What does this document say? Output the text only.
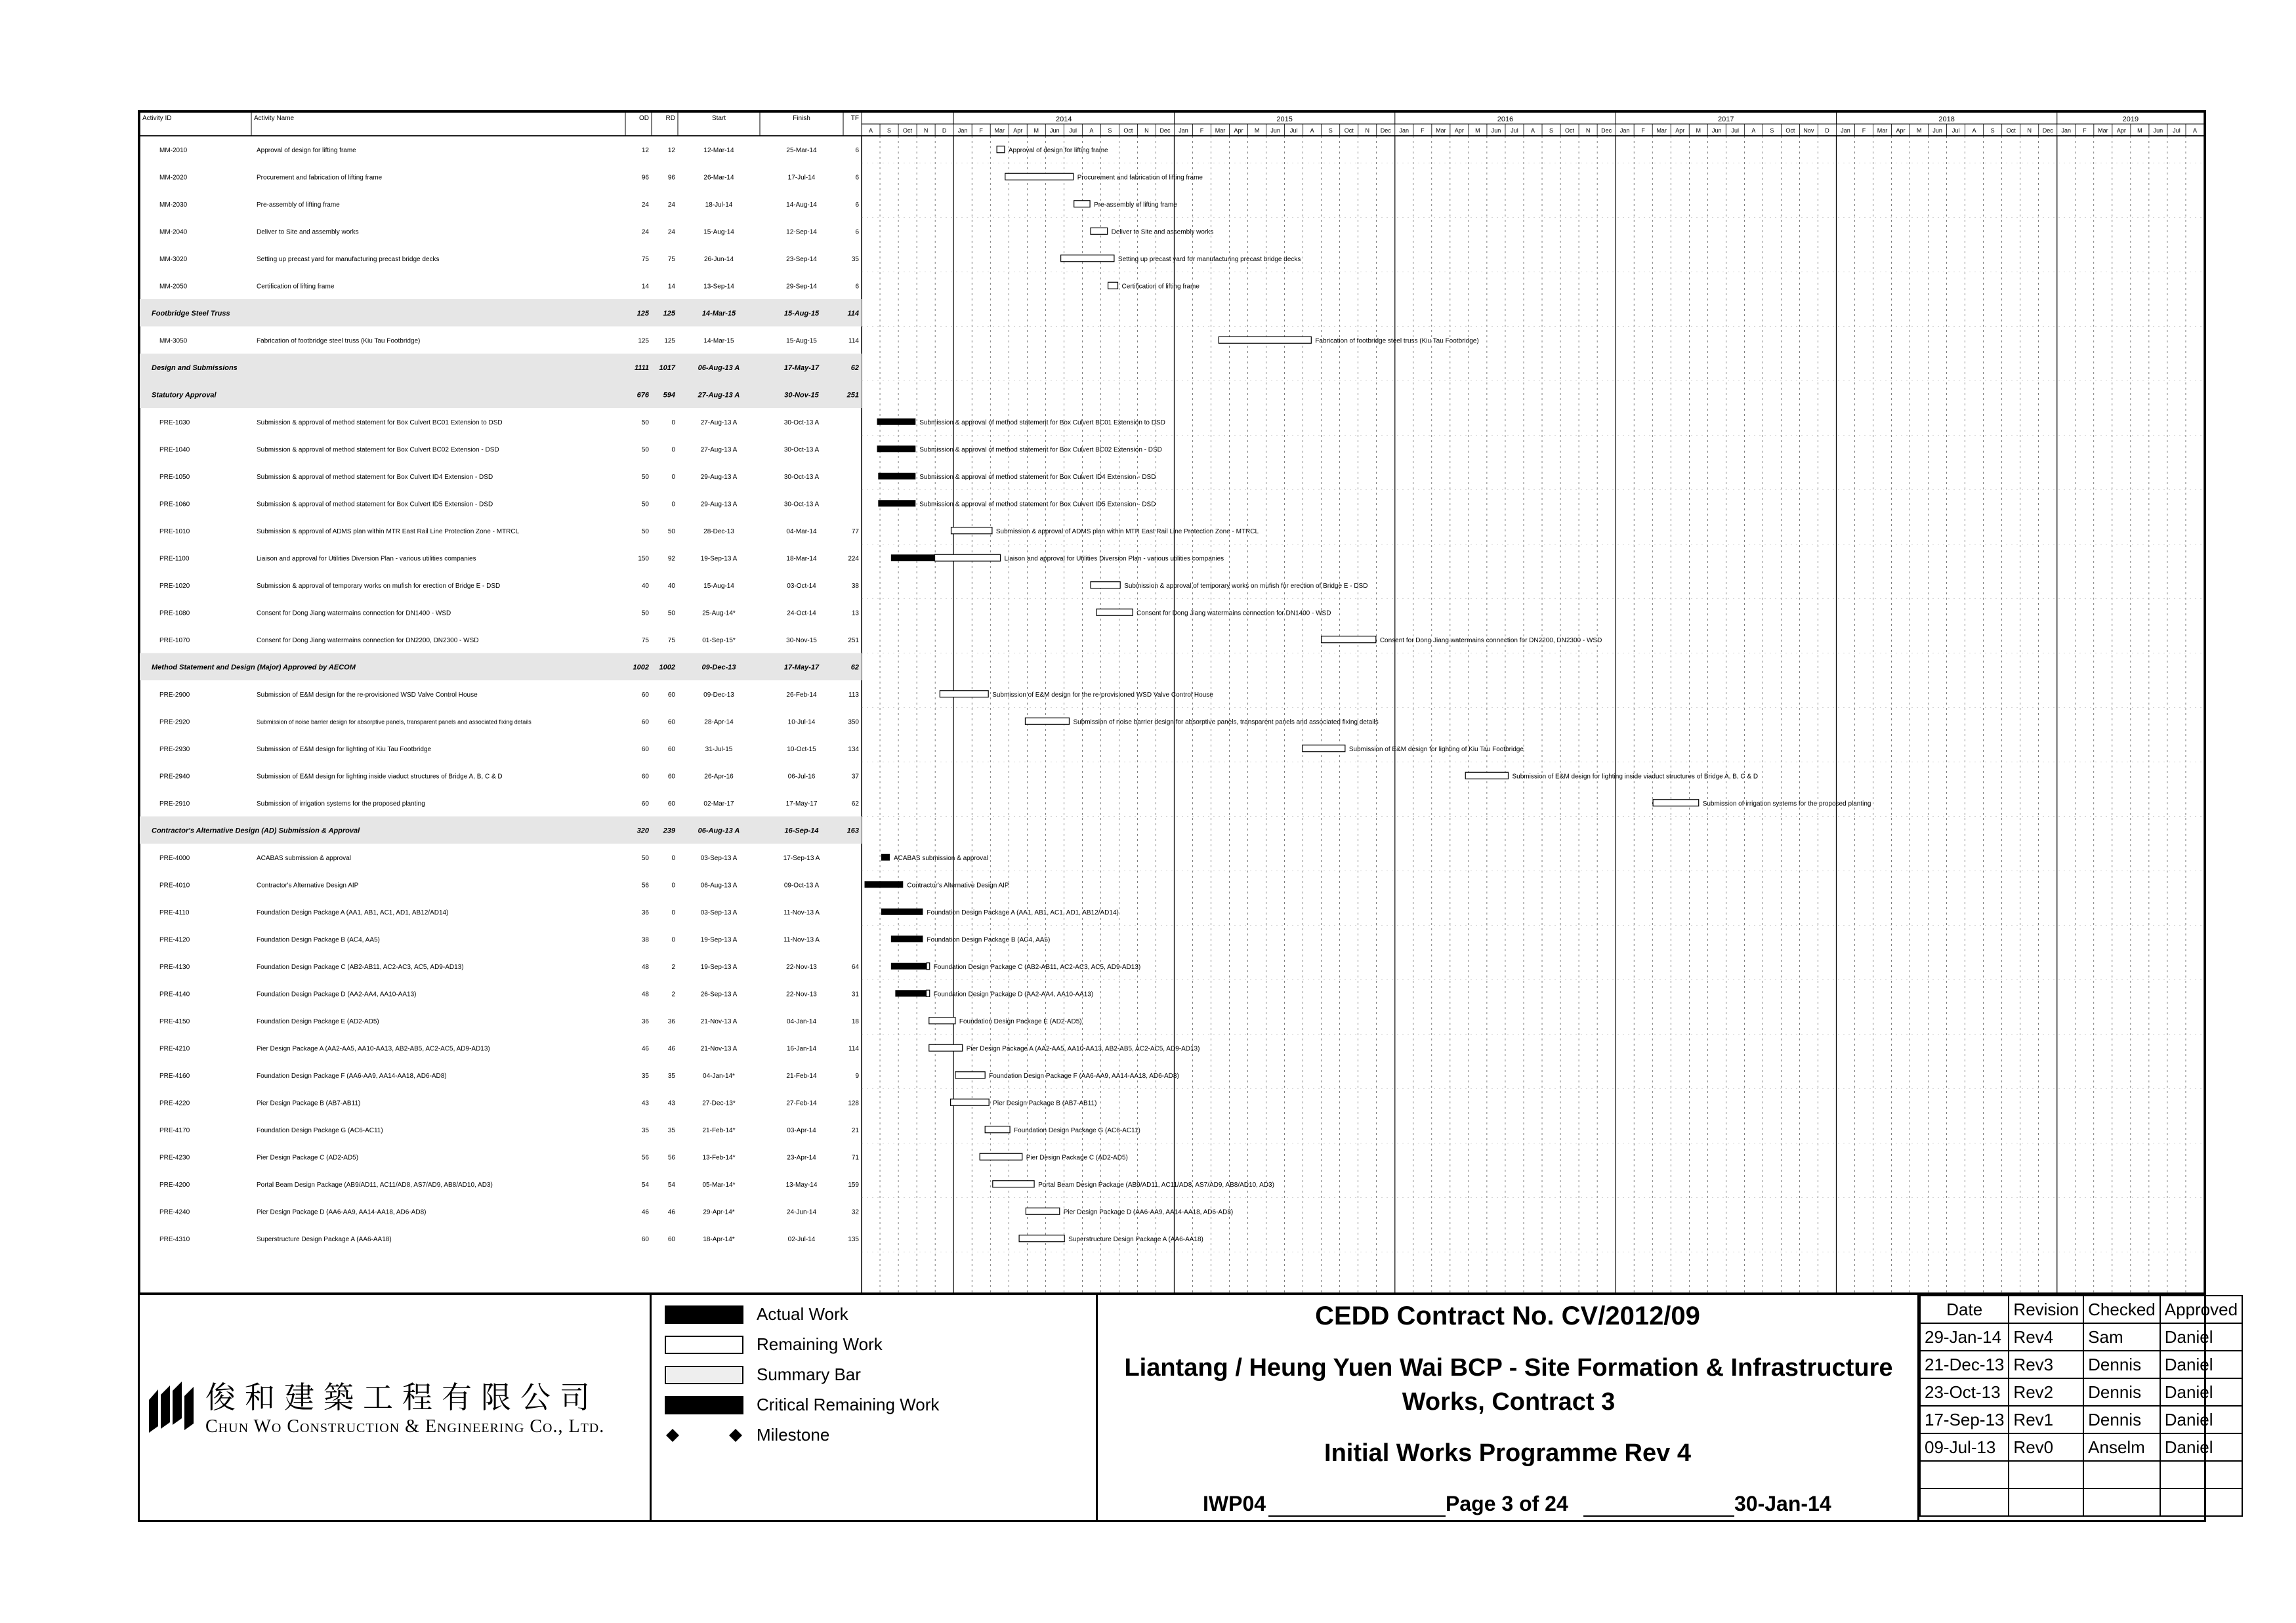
Activity ID	Activity Name	OD	RD	Start	Finish	TF	2014	2015	2016	2017	2018	2019
A S Oct N D Jan F Mar Apr M Jun Jul A S Oct N Dec Jan F Mar Apr M Jun Jul A S Oct N Dec Jan F Mar Apr M Jun Jul A S Oct N Dec Jan F Mar Apr M Jun Jul A S Oct Nov D Jan F Mar Apr M Jun Jul A S Oct N Dec Jan F Mar Apr M Jun Jul A
MM-2010	Approval of design for lifting frame	12	12	12-Mar-14	25-Mar-14	6	Approval of design for lifting frame
MM-2020	Procurement and fabrication of lifting frame	96	96	26-Mar-14	17-Jul-14	6	Procurement and fabrication of lifting frame
MM-2030	Pre-assembly of lifting frame	24	24	18-Jul-14	14-Aug-14	6	Pre-assembly of lifting frame
MM-2040	Deliver to Site and assembly works	24	24	15-Aug-14	12-Sep-14	6	Deliver to Site and assembly works
MM-3020	Setting up precast yard for manufacturing precast bridge decks	75	75	26-Jun-14	23-Sep-14	35	Setting up precast yard for manufacturing precast bridge decks
MM-2050	Certification of lifting frame	14	14	13-Sep-14	29-Sep-14	6	Certification of lifting frame
Footbridge Steel Truss	125 125	14-Mar-15	15-Aug-15	114
MM-3050	Fabrication of footbridge steel truss (Kiu Tau Footbridge)	125 125	14-Mar-15	15-Aug-15	114	Fabrication of footbridge steel truss (Kiu Tau Footbridge)
Design and Submissions	1111 1017	06-Aug-13 A	17-May-17	62
Statutory Approval	676 594	27-Aug-13 A	30-Nov-15	251
PRE-1030	Submission & approval of method statement for Box Culvert BC01 Extension to DSD	50	0	27-Aug-13 A	30-Oct-13 A	Submission & approval of method statement for Box Culvert BC01 Extension to DSD
PRE-1040	Submission & approval of method statement for Box Culvert BC02 Extension - DSD	50	0	27-Aug-13 A	30-Oct-13 A	Submission & approval of method statement for Box Culvert BC02 Extension - DSD
PRE-1050	Submission & approval of method statement for Box Culvert ID4 Extension - DSD	50	0	29-Aug-13 A	30-Oct-13 A	Submission & approval of method statement for Box Culvert ID4 Extension - DSD
PRE-1060	Submission & approval of method statement for Box Culvert ID5 Extension - DSD	50	0	29-Aug-13 A	30-Oct-13 A	Submission & approval of method statement for Box Culvert ID5 Extension - DSD
PRE-1010	Submission & approval of ADMS plan within MTR East Rail Line Protection Zone - MTRCL	50	50	28-Dec-13	04-Mar-14	77	Submission & approval of ADMS plan within MTR East Rail Line Protection Zone - MTRCL
PRE-1100	Liaison and approval for Utilities Diversion Plan - various utilities companies	150	92	19-Sep-13 A	18-Mar-14	224	Liaison and approval for Utilities Diversion Plan - various utilities companies
PRE-1020	Submission & approval of temporary works on mufish for erection of Bridge E - DSD	40	40	15-Aug-14	03-Oct-14	38	Submission & approval of temporary works on mufish for erection of Bridge E - DSD
PRE-1080	Consent for Dong Jiang watermains connection for DN1400 - WSD	50	50	25-Aug-14*	24-Oct-14	13	Consent for Dong Jiang watermains connection for DN1400 - WSD
PRE-1070	Consent for Dong Jiang watermains connection for DN2200, DN2300 - WSD	75	75	01-Sep-15*	30-Nov-15	251	Consent for Dong Jiang watermains connection for DN2200, DN2300 - WSD
Method Statement and Design (Major) Approved by AECOM	1002 1002	09-Dec-13	17-May-17	62
PRE-2900	Submission of E&M design for the re-provisioned WSD Valve Control House	60	60	09-Dec-13	26-Feb-14	113	Submission of E&M design for the re-provisioned WSD Valve Control House
PRE-2920	Submission of noise barrier design for absorptive panels, transparent panels and associated fixing details	60	60	28-Apr-14	10-Jul-14	350	Submission of noise barrier design for absorptive panels, transparent panels and associated fixing details
PRE-2930	Submission of E&M design for lighting of Kiu Tau Footbridge	60	60	31-Jul-15	10-Oct-15	134	Submission of E&M design for lighting of Kiu Tau Footbridge
PRE-2940	Submission of E&M design for lighting inside viaduct structures of Bridge A, B, C & D	60	60	26-Apr-16	06-Jul-16	37	Submission of E&M design for lighting inside viaduct structures of Bridge A, B, C & D
PRE-2910	Submission of irrigation systems for the proposed planting	60	60	02-Mar-17	17-May-17	62	Submission of irrigation systems for the proposed planting
Contractor's Alternative Design (AD) Submission & Approval	320 239	06-Aug-13 A	16-Sep-14	163
PRE-4000	ACABAS submission & approval	50	0	03-Sep-13 A	17-Sep-13 A	ACABAS submission & approval
PRE-4010	Contractor's Alternative Design AIP	56	0	06-Aug-13 A	09-Oct-13 A	Contractor's Alternative Design AIP
PRE-4110	Foundation Design Package A (AA1, AB1, AC1, AD1, AB12/AD14)	36	0	03-Sep-13 A	11-Nov-13 A	Foundation Design Package A (AA1, AB1, AC1, AD1, AB12/AD14)
PRE-4120	Foundation Design Package B (AC4, AA5)	38	0	19-Sep-13 A	11-Nov-13 A	Foundation Design Package B (AC4, AA5)
PRE-4130	Foundation Design Package C (AB2-AB11, AC2-AC3, AC5, AD9-AD13)	48	2	19-Sep-13 A	22-Nov-13	64	Foundation Design Package C (AB2-AB11, AC2-AC3, AC5, AD9-AD13)
PRE-4140	Foundation Design Package D (AA2-AA4, AA10-AA13)	48	2	26-Sep-13 A	22-Nov-13	31	Foundation Design Package D (AA2-AA4, AA10-AA13)
PRE-4150	Foundation Design Package E (AD2-AD5)	36	36	21-Nov-13 A	04-Jan-14	18	Foundation Design Package E (AD2-AD5)
PRE-4210	Pier Design Package A (AA2-AA5, AA10-AA13, AB2-AB5, AC2-AC5, AD9-AD13)	46	46	21-Nov-13 A	16-Jan-14	114	Pier Design Package A (AA2-AA5, AA10-AA13, AB2-AB5, AC2-AC5, AD9-AD13)
PRE-4160	Foundation Design Package F (AA6-AA9, AA14-AA18, AD6-AD8)	35	35	04-Jan-14*	21-Feb-14	9	Foundation Design Package F (AA6-AA9, AA14-AA18, AD6-AD8)
PRE-4220	Pier Design Package B (AB7-AB11)	43	43	27-Dec-13*	27-Feb-14	128	Pier Design Package B (AB7-AB11)
PRE-4170	Foundation Design Package G (AC6-AC11)	35	35	21-Feb-14*	03-Apr-14	21	Foundation Design Package G (AC6-AC11)
PRE-4230	Pier Design Package C (AD2-AD5)	56	56	13-Feb-14*	23-Apr-14	71	Pier Design Package C (AD2-AD5)
PRE-4200	Portal Beam Design Package (AB9/AD11, AC11/AD8, AS7/AD9, AB8/AD10, AD3)	54	54	05-Mar-14*	13-May-14	159	Portal Beam Design Package (AB9/AD11, AC11/AD8, AS7/AD9, AB8/AD10, AD3)
PRE-4240	Pier Design Package D (AA6-AA9, AA14-AA18, AD6-AD8)	46	46	29-Apr-14*	24-Jun-14	32	Pier Design Package D (AA6-AA9, AA14-AA18, AD6-AD8)
PRE-4310	Superstructure Design Package A (AA6-AA18)	60	60	18-Apr-14*	02-Jul-14	135	Superstructure Design Package A (AA6-AA18)
俊和建築工程有限公司
Chun Wo Construction & Engineering Co., Ltd.
Actual Work
Remaining Work
Summary Bar
Critical Remaining Work
Milestone
CEDD Contract No. CV/2012/09
Liantang / Heung Yuen Wai BCP - Site Formation & Infrastructure Works, Contract 3
Initial Works Programme Rev 4
IWP04	Page 3 of 24	30-Jan-14
Date	Revision	Checked	Approved
29-Jan-14	Rev4	Sam	Daniel
21-Dec-13	Rev3	Dennis	Daniel
23-Oct-13	Rev2	Dennis	Daniel
17-Sep-13	Rev1	Dennis	Daniel
09-Jul-13	Rev0	Anselm	Daniel
